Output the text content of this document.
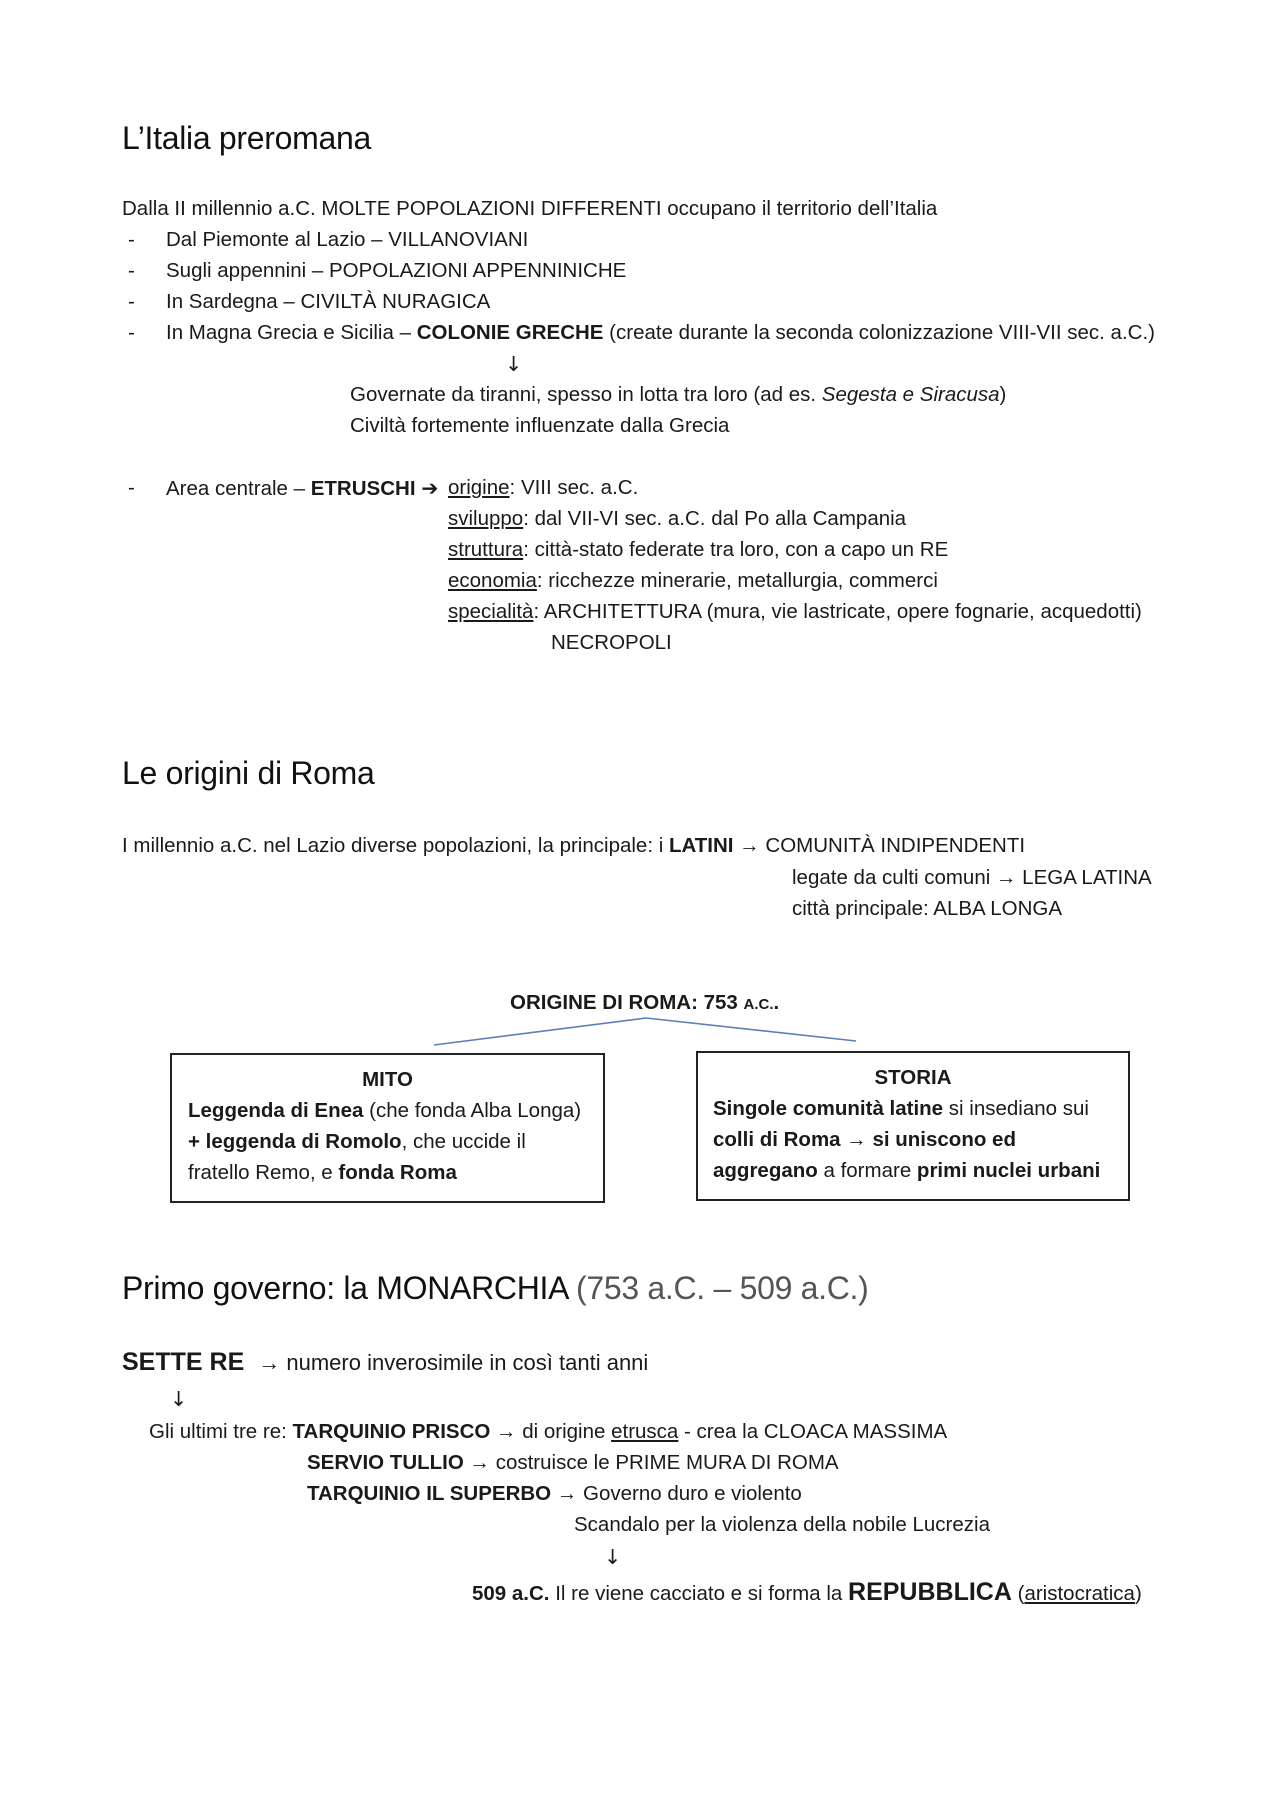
L’Italia preromana
Dalla II millennio a.C. MOLTE POPOLAZIONI DIFFERENTI occupano il territorio dell’Italia
- Dal Piemonte al Lazio – VILLANOVIANI
- Sugli appennini – POPOLAZIONI APPENNINICHE
- In Sardegna – CIVILTÀ NURAGICA
- In Magna Grecia e Sicilia – COLONIE GRECHE (create durante la seconda colonizzazione VIII-VII sec. a.C.)
↓
Governate da tiranni, spesso in lotta tra loro (ad es. Segesta e Siracusa)
Civiltà fortemente influenzate dalla Grecia
- Area centrale – ETRUSCHI ➔ origine: VIII sec. a.C.
sviluppo: dal VII-VI sec. a.C. dal Po alla Campania
struttura: città-stato federate tra loro, con a capo un RE
economia: ricchezze minerarie, metallurgia, commerci
specialità: ARCHITETTURA (mura, vie lastricate, opere fognarie, acquedotti)
NECROPOLI
Le origini di Roma
I millennio a.C. nel Lazio diverse popolazioni, la principale: i LATINI → COMUNITÀ INDIPENDENTI
legate da culti comuni → LEGA LATINA
città principale: ALBA LONGA
ORIGINE DI ROMA: 753 A.C..
MITO
Leggenda di Enea (che fonda Alba Longa)
+ leggenda di Romolo, che uccide il
fratello Remo, e fonda Roma
STORIA
Singole comunità latine si insediano sui
colli di Roma → si uniscono ed
aggregano a formare primi nuclei urbani
Primo governo: la MONARCHIA (753 a.C. – 509 a.C.)
SETTE RE → numero inverosimile in così tanti anni
↓
Gli ultimi tre re: TARQUINIO PRISCO → di origine etrusca - crea la CLOACA MASSIMA
SERVIO TULLIO → costruisce le PRIME MURA DI ROMA
TARQUINIO IL SUPERBO → Governo duro e violento
Scandalo per la violenza della nobile Lucrezia
↓
509 a.C. Il re viene cacciato e si forma la REPUBBLICA (aristocratica)
